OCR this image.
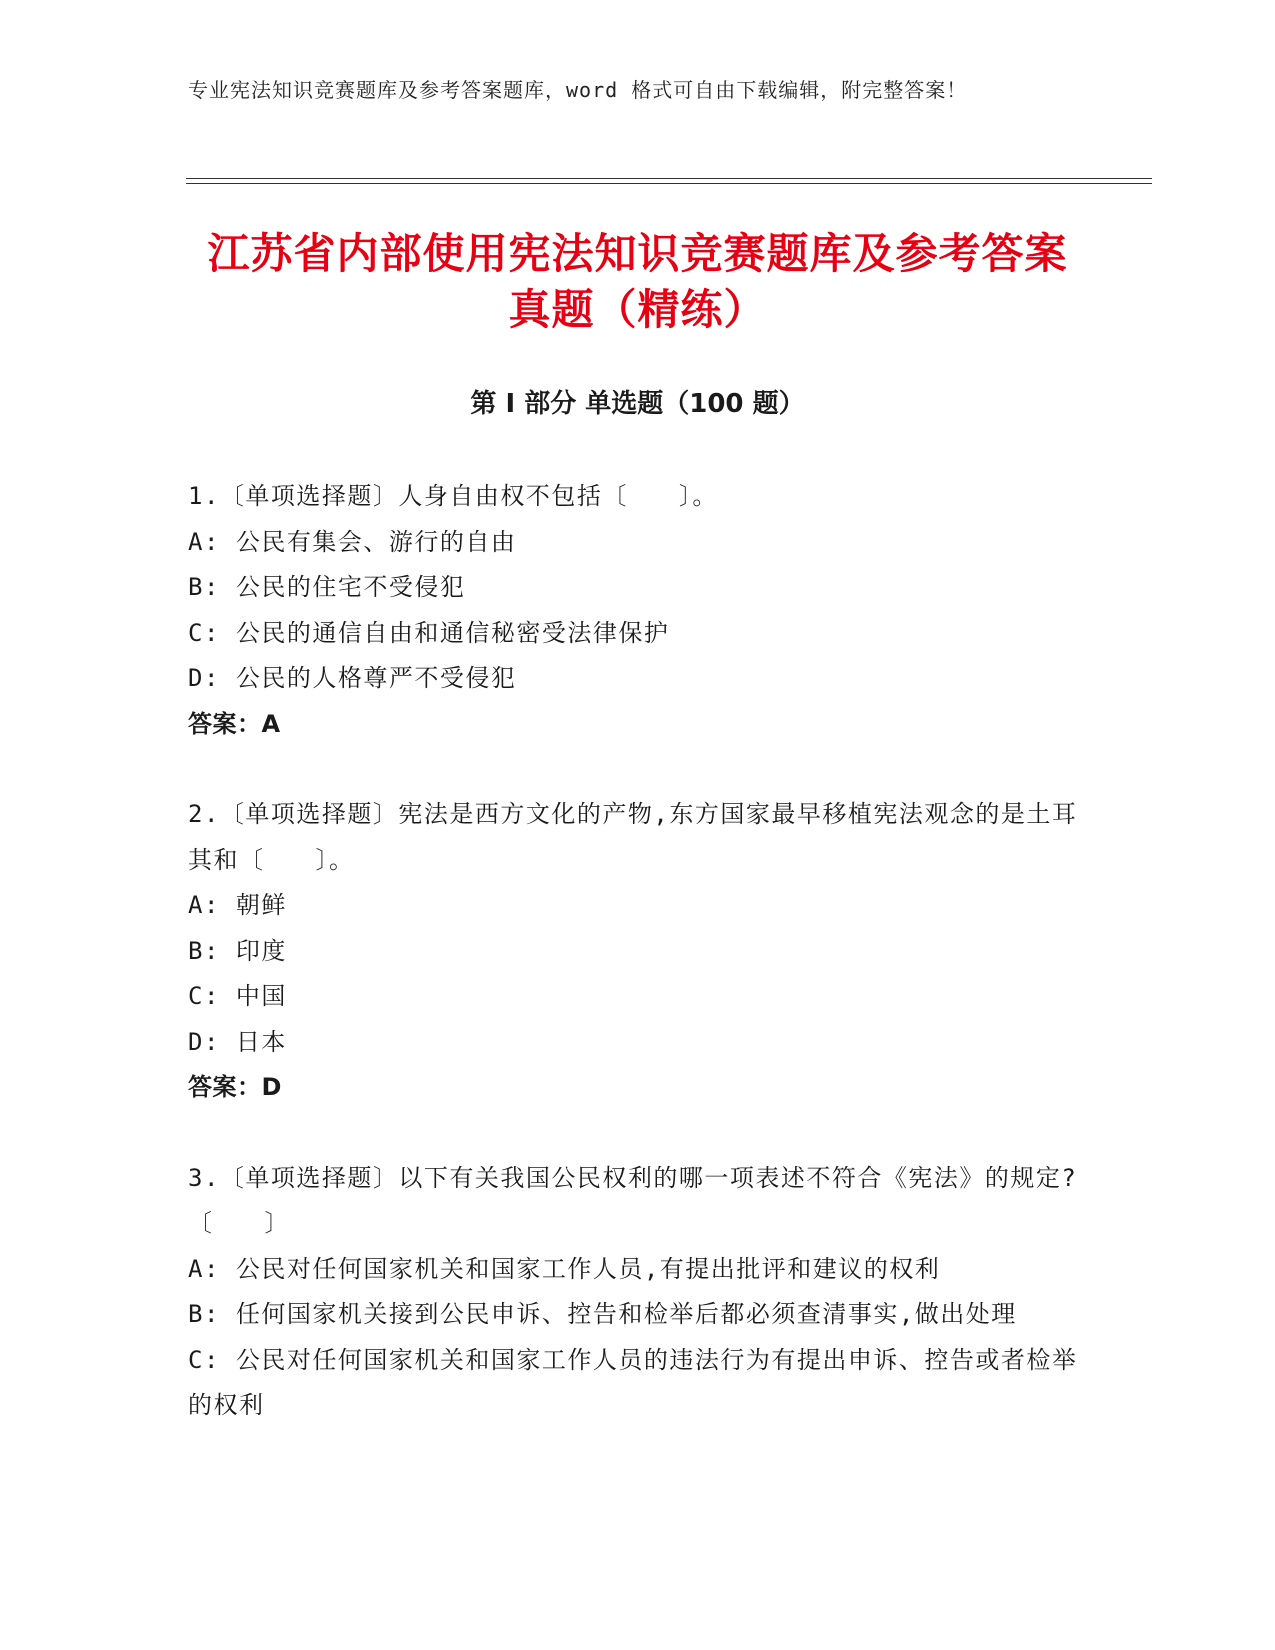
专业宪法知识竞赛题库及参考答案题库，word 格式可自由下载编辑，附完整答案！
江苏省内部使用宪法知识竞赛题库及参考答案真题（精练）
第 I 部分 单选题（100 题）

1.〔单项选择题〕人身自由权不包括〔　　〕。

A: 公民有集会、游行的自由

B: 公民的住宅不受侵犯

C: 公民的通信自由和通信秘密受法律保护

D: 公民的人格尊严不受侵犯

答案：A

2.〔单项选择题〕宪法是西方文化的产物,东方国家最早移植宪法观念的是土耳其和〔　　〕。

A: 朝鲜

B: 印度

C: 中国

D: 日本

答案：D

3.〔单项选择题〕以下有关我国公民权利的哪一项表述不符合《宪法》的规定?〔　　〕

A: 公民对任何国家机关和国家工作人员,有提出批评和建议的权利

B: 任何国家机关接到公民申诉、控告和检举后都必须查清事实,做出处理

C: 公民对任何国家机关和国家工作人员的违法行为有提出申诉、控告或者检举的权利
